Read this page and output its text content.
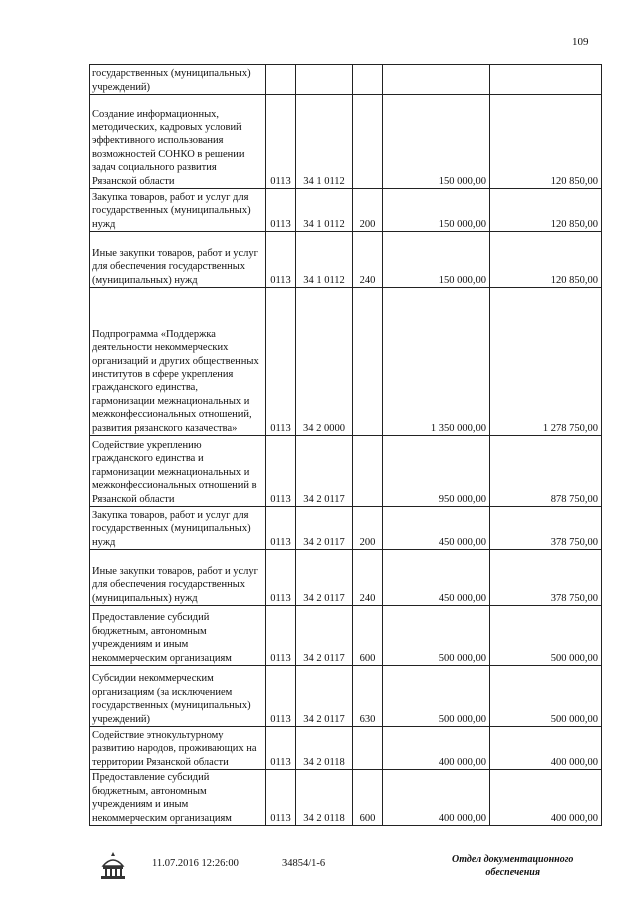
109
государственных (муниципальных) учреждений)					
Создание информационных, методических, кадровых условий эффективного использования возможностей СОНКО в решении задач социального развития Рязанской области	0113	34 1 0112		150 000,00	120 850,00
Закупка товаров, работ и услуг для государственных (муниципальных) нужд	0113	34 1 0112	200	150 000,00	120 850,00
Иные закупки товаров, работ и услуг для обеспечения государственных (муниципальных) нужд	0113	34 1 0112	240	150 000,00	120 850,00
Подпрограмма «Поддержка деятельности некоммерческих организаций и других общественных институтов в сфере укрепления гражданского единства, гармонизации межнациональных и межконфессиональных отношений, развития рязанского казачества»	0113	34 2 0000		1 350 000,00	1 278 750,00
Содействие укреплению гражданского единства и гармонизации межнациональных и межконфессиональных отношений в Рязанской области	0113	34 2 0117		950 000,00	878 750,00
Закупка товаров, работ и услуг для государственных (муниципальных) нужд	0113	34 2 0117	200	450 000,00	378 750,00
Иные закупки товаров, работ и услуг для обеспечения государственных (муниципальных) нужд	0113	34 2 0117	240	450 000,00	378 750,00
Предоставление субсидий бюджетным, автономным учреждениям и иным некоммерческим организациям	0113	34 2 0117	600	500 000,00	500 000,00
Субсидии некоммерческим организациям (за исключением государственных (муниципальных) учреждений)	0113	34 2 0117	630	500 000,00	500 000,00
Содействие этнокультурному развитию народов, проживающих на территории Рязанской области	0113	34 2 0118		400 000,00	400 000,00
Предоставление субсидий бюджетным, автономным учреждениям и иным некоммерческим организациям	0113	34 2 0118	600	400 000,00	400 000,00
11.07.2016 12:26:00	34854/1-6	Отдел документационного
обеспечения
